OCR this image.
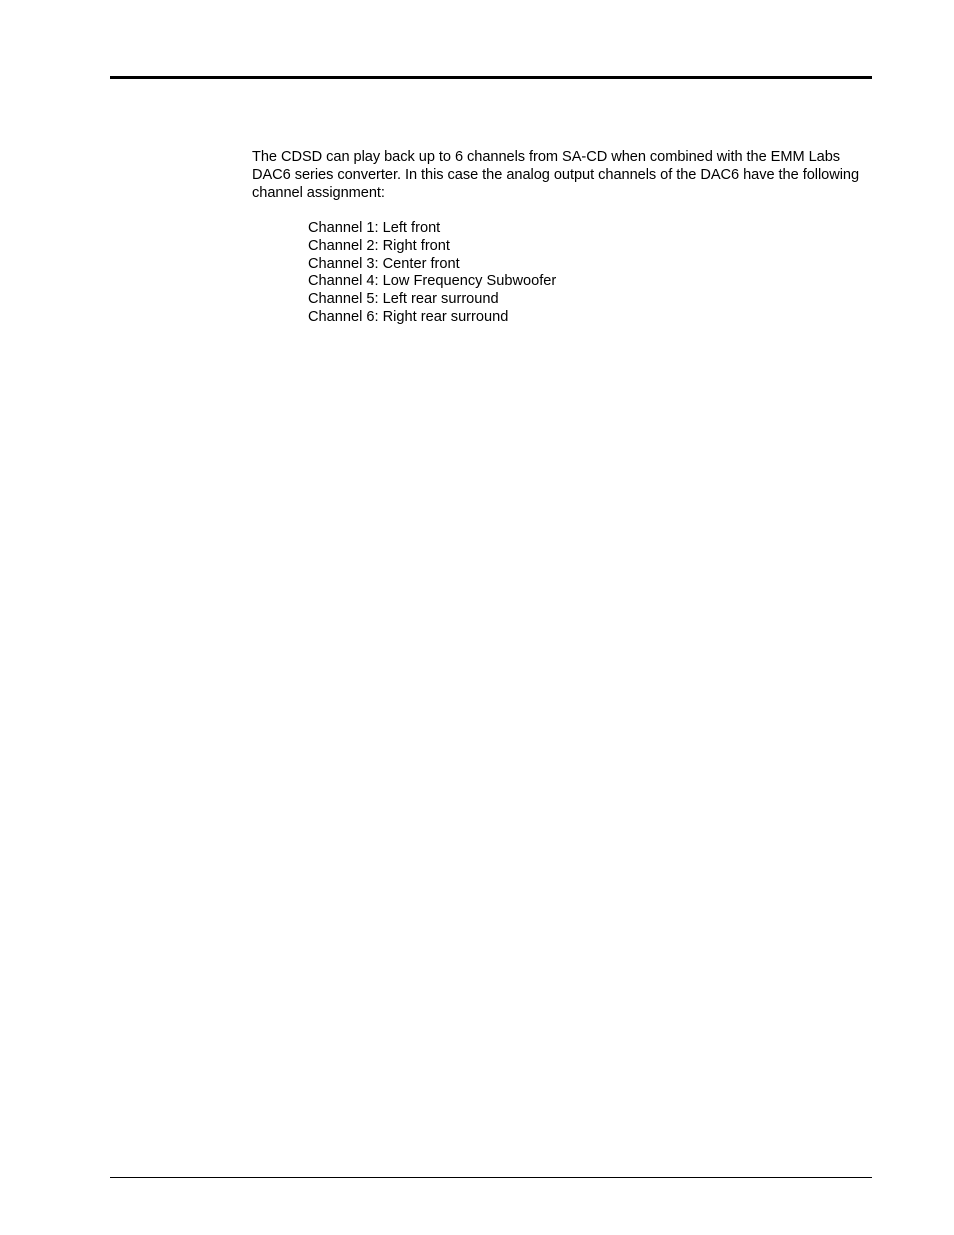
The CDSD can play back up to 6 channels from SA-CD when combined with the EMM Labs DAC6 series converter. In this case the analog output channels of the DAC6 have the following channel assignment:

Channel 1: Left front
Channel 2: Right front
Channel 3: Center front
Channel 4: Low Frequency Subwoofer
Channel 5: Left rear surround
Channel 6: Right rear surround
